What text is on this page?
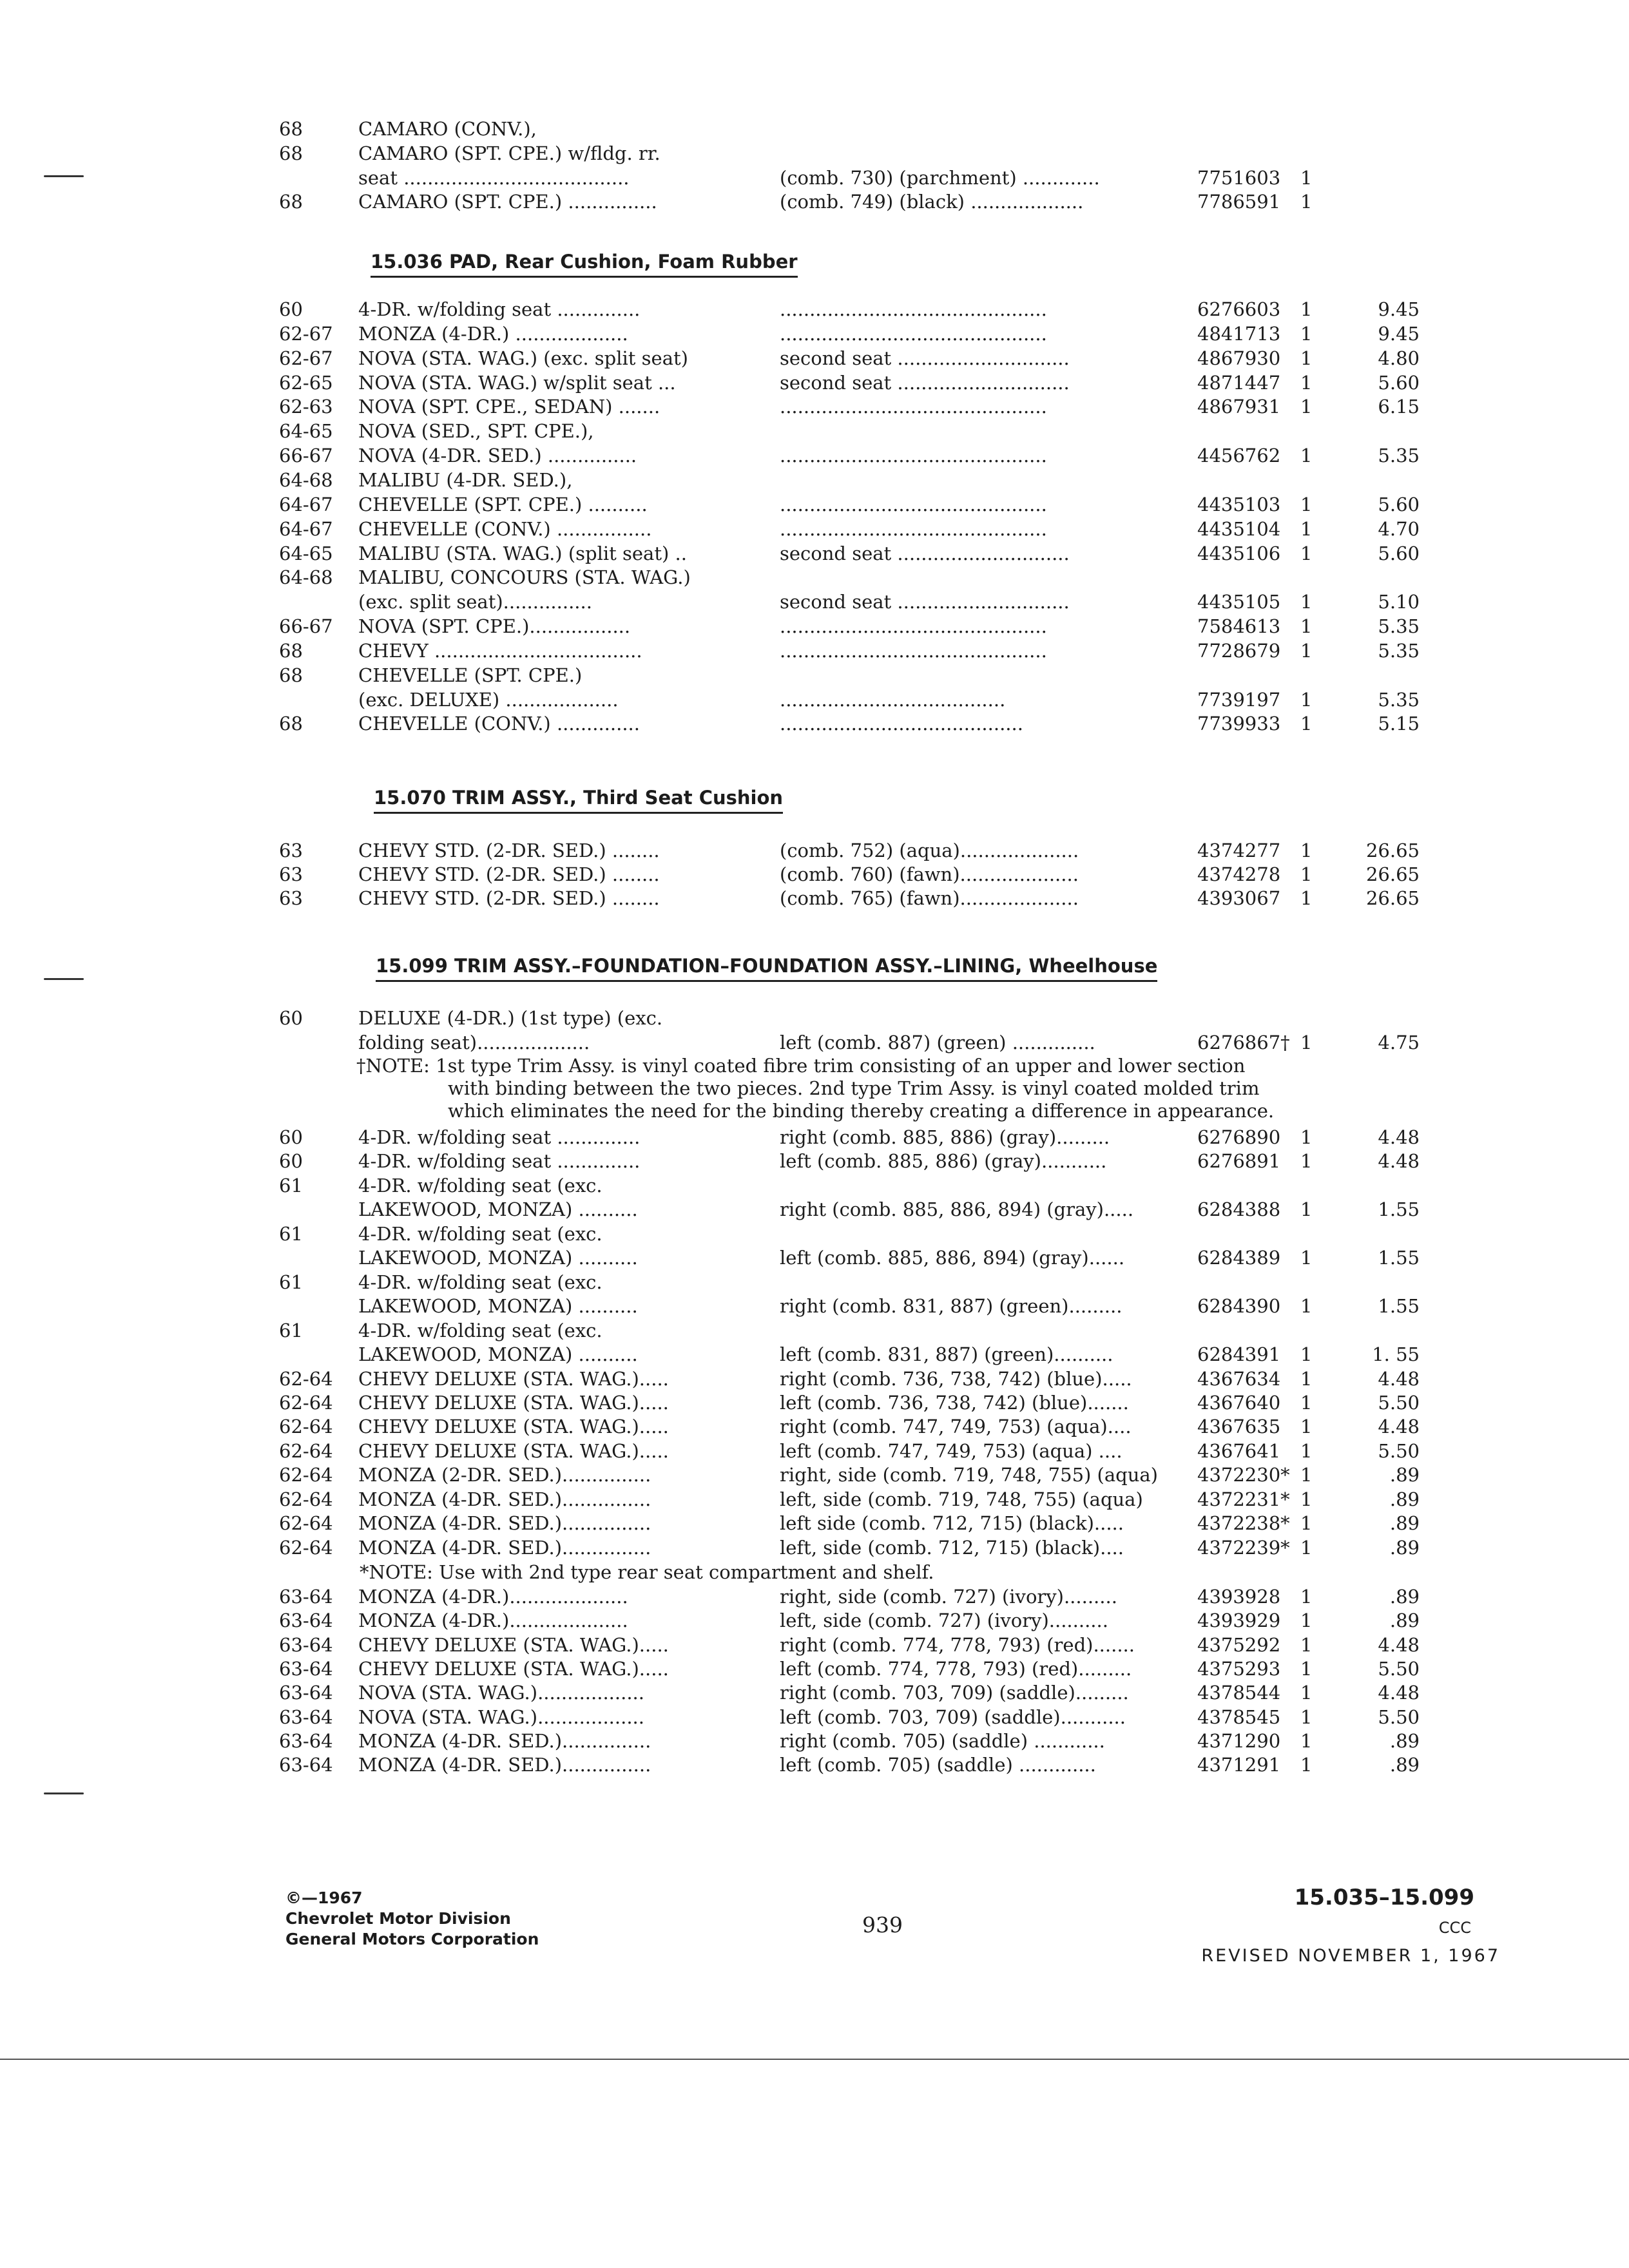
68	CAMARO (CONV.),
68	CAMARO (SPT. CPE.) w/fldg. rr.
seat ......................................	(comb. 730) (parchment) .............	7751603 1
68	CAMARO (SPT. CPE.) ...............	(comb. 749) (black) ...................	7786591 1
15.036 PAD, Rear Cushion, Foam Rubber
60	4-DR. w/folding seat ..............	.............................................	6276603 1	9.45
62-67 MONZA (4-DR.) ...................	.............................................	4841713 1	9.45
62-67 NOVA (STA. WAG.) (exc. split seat)	second seat .............................	4867930 1	4.80
62-65 NOVA (STA. WAG.) w/split seat ...	second seat .............................	4871447 1	5.60
62-63 NOVA (SPT. CPE., SEDAN) .......	.............................................	4867931 1	6.15
64-65 NOVA (SED., SPT. CPE.),
66-67 NOVA (4-DR. SED.) ...............	.............................................	4456762 1	5.35
64-68 MALIBU (4-DR. SED.),
64-67 CHEVELLE (SPT. CPE.) ..........	.............................................	4435103 1	5.60
64-67 CHEVELLE (CONV.) ................	.............................................	4435104 1	4.70
64-65 MALIBU (STA. WAG.) (split seat) ..	second seat .............................	4435106 1	5.60
64-68 MALIBU, CONCOURS (STA. WAG.)
(exc. split seat)...............	second seat .............................	4435105 1	5.10
66-67 NOVA (SPT. CPE.).................	.............................................	7584613 1	5.35
68	CHEVY ...................................	.............................................	7728679 1	5.35
68	CHEVELLE (SPT. CPE.)
(exc. DELUXE) ...................	......................................	7739197 1	5.35
68	CHEVELLE (CONV.) ..............	.........................................	7739933 1	5.15
15.070 TRIM ASSY., Third Seat Cushion
63	CHEVY STD. (2-DR. SED.) ........	(comb. 752) (aqua)....................	4374277 1	26.65
63	CHEVY STD. (2-DR. SED.) ........	(comb. 760) (fawn)....................	4374278 1	26.65
63	CHEVY STD. (2-DR. SED.) ........	(comb. 765) (fawn)....................	4393067 1	26.65
15.099 TRIM ASSY.–FOUNDATION–FOUNDATION ASSY.–LINING, Wheelhouse
60	DELUXE (4-DR.) (1st type) (exc.
folding seat)...................	left (comb. 887) (green) ..............	6276867† 1	4.75
†NOTE: 1st type Trim Assy. is vinyl coated fibre trim consisting of an upper and lower section
with binding between the two pieces. 2nd type Trim Assy. is vinyl coated molded trim
which eliminates the need for the binding thereby creating a difference in appearance.
60	4-DR. w/folding seat ..............	right (comb. 885, 886) (gray).........	6276890 1	4.48
60	4-DR. w/folding seat ..............	left (comb. 885, 886) (gray)...........	6276891 1	4.48
61	4-DR. w/folding seat (exc.
LAKEWOOD, MONZA) ..........	right (comb. 885, 886, 894) (gray).....	6284388 1	1.55
61	4-DR. w/folding seat (exc.
LAKEWOOD, MONZA) ..........	left (comb. 885, 886, 894) (gray)......	6284389 1	1.55
61	4-DR. w/folding seat (exc.
LAKEWOOD, MONZA) ..........	right (comb. 831, 887) (green).........	6284390 1	1.55
61	4-DR. w/folding seat (exc.
LAKEWOOD, MONZA) ..........	left (comb. 831, 887) (green)..........	6284391 1	1. 55
62-64 CHEVY DELUXE (STA. WAG.).....	right (comb. 736, 738, 742) (blue).....	4367634 1	4.48
62-64 CHEVY DELUXE (STA. WAG.).....	left (comb. 736, 738, 742) (blue).......	4367640 1	5.50
62-64 CHEVY DELUXE (STA. WAG.).....	right (comb. 747, 749, 753) (aqua)....	4367635 1	4.48
62-64 CHEVY DELUXE (STA. WAG.).....	left (comb. 747, 749, 753) (aqua) ....	4367641 1	5.50
62-64 MONZA (2-DR. SED.)...............	right, side (comb. 719, 748, 755) (aqua) 4372230* 1	.89
62-64 MONZA (4-DR. SED.)...............	left, side (comb. 719, 748, 755) (aqua)	4372231* 1	.89
62-64 MONZA (4-DR. SED.)...............	left side (comb. 712, 715) (black).....	4372238* 1	.89
62-64 MONZA (4-DR. SED.)...............	left, side (comb. 712, 715) (black)....	4372239* 1	.89
*NOTE: Use with 2nd type rear seat compartment and shelf.
63-64 MONZA (4-DR.)....................	right, side (comb. 727) (ivory).........	4393928 1	.89
63-64 MONZA (4-DR.)....................	left, side (comb. 727) (ivory)..........	4393929 1	.89
63-64 CHEVY DELUXE (STA. WAG.).....	right (comb. 774, 778, 793) (red).......	4375292 1	4.48
63-64 CHEVY DELUXE (STA. WAG.).....	left (comb. 774, 778, 793) (red).........	4375293 1	5.50
63-64 NOVA (STA. WAG.)..................	right (comb. 703, 709) (saddle).........	4378544 1	4.48
63-64 NOVA (STA. WAG.)..................	left (comb. 703, 709) (saddle)...........	4378545 1	5.50
63-64 MONZA (4-DR. SED.)...............	right (comb. 705) (saddle) ............	4371290 1	.89
63-64 MONZA (4-DR. SED.)...............	left (comb. 705) (saddle) .............	4371291 1	.89
©—1967
Chevrolet Motor Division
General Motors Corporation
939
15.035–15.099
CCC
REVISED NOVEMBER 1, 1967
